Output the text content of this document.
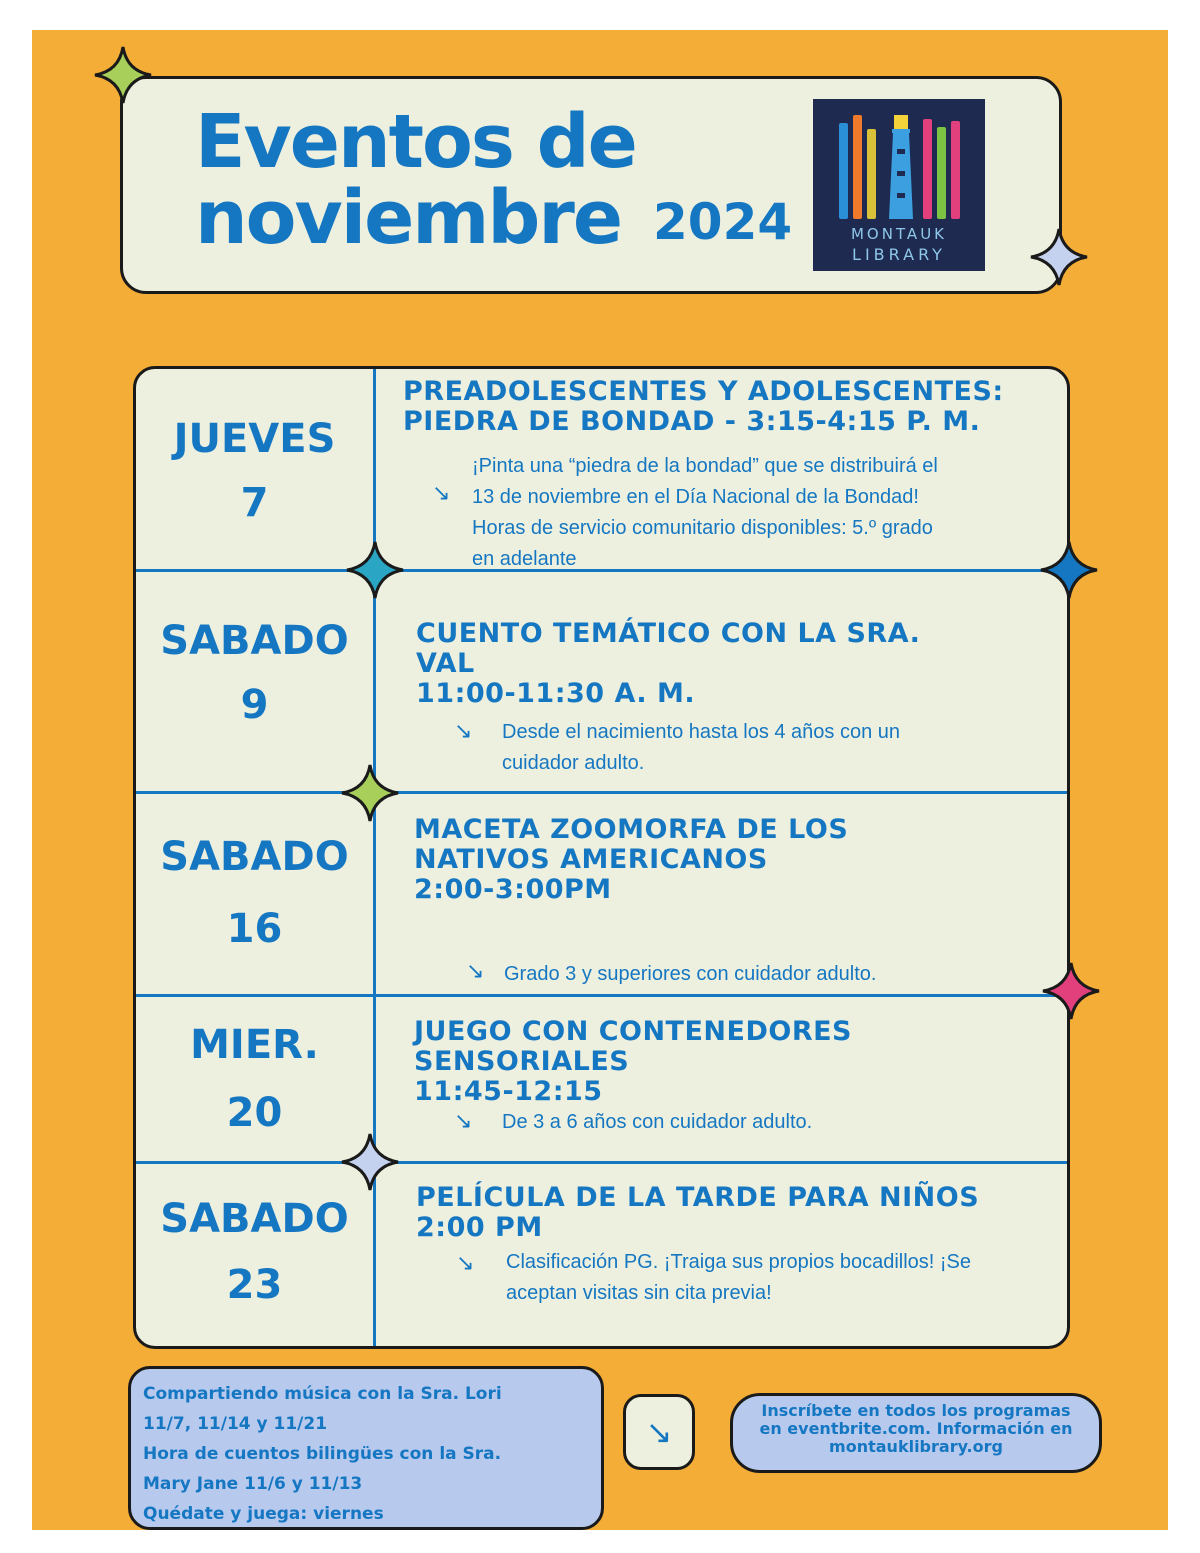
Eventos de
noviembre 2024	MONTAUK
LIBRARY
JUEVES
7
PREADOLESCENTES Y ADOLESCENTES:
PIEDRA DE BONDAD - 3:15-4:15 P. M.
↘
¡Pinta una “piedra de la bondad” que se distribuirá el
13 de noviembre en el Día Nacional de la Bondad!
Horas de servicio comunitario disponibles: 5.º grado
en adelante
SABADO
9
CUENTO TEMÁTICO CON LA SRA.
VAL
11:00-11:30 A. M.
↘ Desde el nacimiento hasta los 4 años con un
cuidador adulto.
SABADO
16
MACETA ZOOMORFA DE LOS
NATIVOS AMERICANOS
2:00-3:00PM
↘ Grado 3 y superiores con cuidador adulto.
MIER.
20
JUEGO CON CONTENEDORES
SENSORIALES
11:45-12:15
↘ De 3 a 6 años con cuidador adulto.
SABADO
23
PELÍCULA DE LA TARDE PARA NIÑOS
2:00 PM
↘ Clasificación PG. ¡Traiga sus propios bocadillos! ¡Se
aceptan visitas sin cita previa!
Compartiendo música con la Sra. Lori
11/7, 11/14 y 11/21
Hora de cuentos bilingües con la Sra.
Mary Jane 11/6 y 11/13
Quédate y juega: viernes
↘
Inscríbete en todos los programas
en eventbrite.com. Información en
montauklibrary.org
